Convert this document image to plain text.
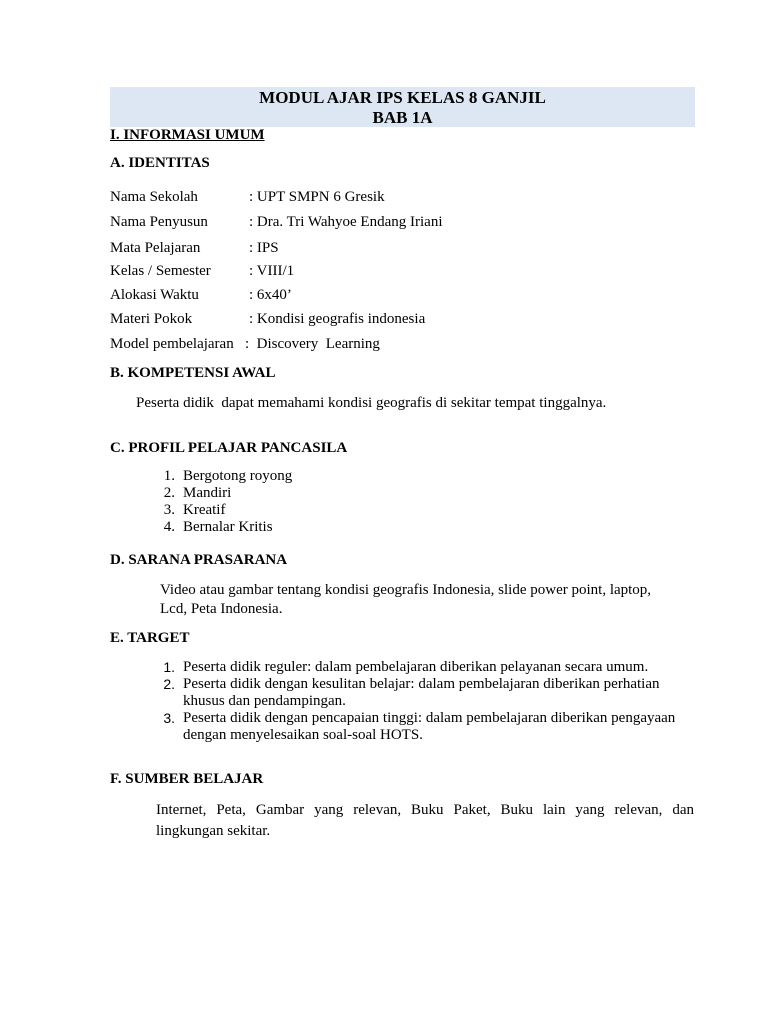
MODUL AJAR IPS KELAS 8 GANJIL
BAB 1A
I. INFORMASI UMUM
A. IDENTITAS
Nama Sekolah	: UPT SMPN 6 Gresik
Nama Penyusun	: Dra. Tri Wahyoe Endang Iriani
Mata Pelajaran	: IPS
Kelas / Semester	: VIII/1
Alokasi Waktu	: 6x40’
Materi Pokok	: Kondisi geografis indonesia
Model pembelajaran   :  Discovery  Learning
B. KOMPETENSI AWAL
Peserta didik  dapat memahami kondisi geografis di sekitar tempat tinggalnya.
C. PROFIL PELAJAR PANCASILA
1. Bergotong royong
2. Mandiri
3. Kreatif
4. Bernalar Kritis
D. SARANA PRASARANA
Video atau gambar tentang kondisi geografis Indonesia, slide power point, laptop, Lcd, Peta Indonesia.
E. TARGET
1. Peserta didik reguler: dalam pembelajaran diberikan pelayanan secara umum.
2. Peserta didik dengan kesulitan belajar: dalam pembelajaran diberikan perhatian khusus dan pendampingan.
3. Peserta didik dengan pencapaian tinggi: dalam pembelajaran diberikan pengayaan dengan menyelesaikan soal-soal HOTS.
F. SUMBER BELAJAR
Internet, Peta, Gambar yang relevan, Buku Paket, Buku lain yang relevan, dan lingkungan sekitar.
